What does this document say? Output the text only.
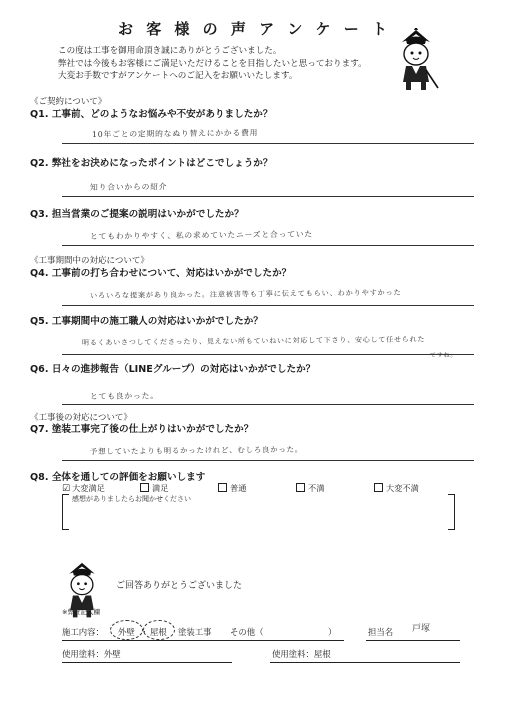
お 客 様 の 声 ア ン ケ ー ト
この度は工事を御用命頂き誠にありがとうございました。
弊社では今後もお客様にご満足いただけることを目指したいと思っております。
大変お手数ですがアンケートへのご記入をお願いいたします。
《ご契約について》
Q1. 工事前、どのようなお悩みや不安がありましたか？
10年ごとの定期的なぬり替えにかかる費用
Q2. 弊社をお決めになったポイントはどこでしょうか？
知り合いからの紹介
Q3. 担当営業のご提案の説明はいかがでしたか？
とてもわかりやすく、私の求めていたニーズと合っていた
《工事期間中の対応について》
Q4. 工事前の打ち合わせについて、対応はいかがでしたか？
いろいろな提案があり良かった。注意被害等も丁寧に伝えてもらい、わかりやすかった
Q5. 工事期間中の施工職人の対応はいかがでしたか？
明るくあいさつしてくださったり、見えない所もていねいに対応して下さり、安心して任せられた
ですね。
Q6. 日々の進捗報告（LINEグループ）の対応はいかがでしたか？
とても良かった。
《工事後の対応について》
Q7. 塗装工事完了後の仕上がりはいかがでしたか？
予想していたよりも明るかったけれど、むしろ良かった。
Q8. 全体を通しての評価をお願いします
☑ 大変満足	満足	普通	不満	大変不満
感想がありましたらお聞かせください
ご回答ありがとうございました
※弊社記入欄
施工内容： 外壁 ・ 屋根 塗装工事 その他（	）	担当名 戸塚
使用塗料：外壁	使用塗料：屋根
